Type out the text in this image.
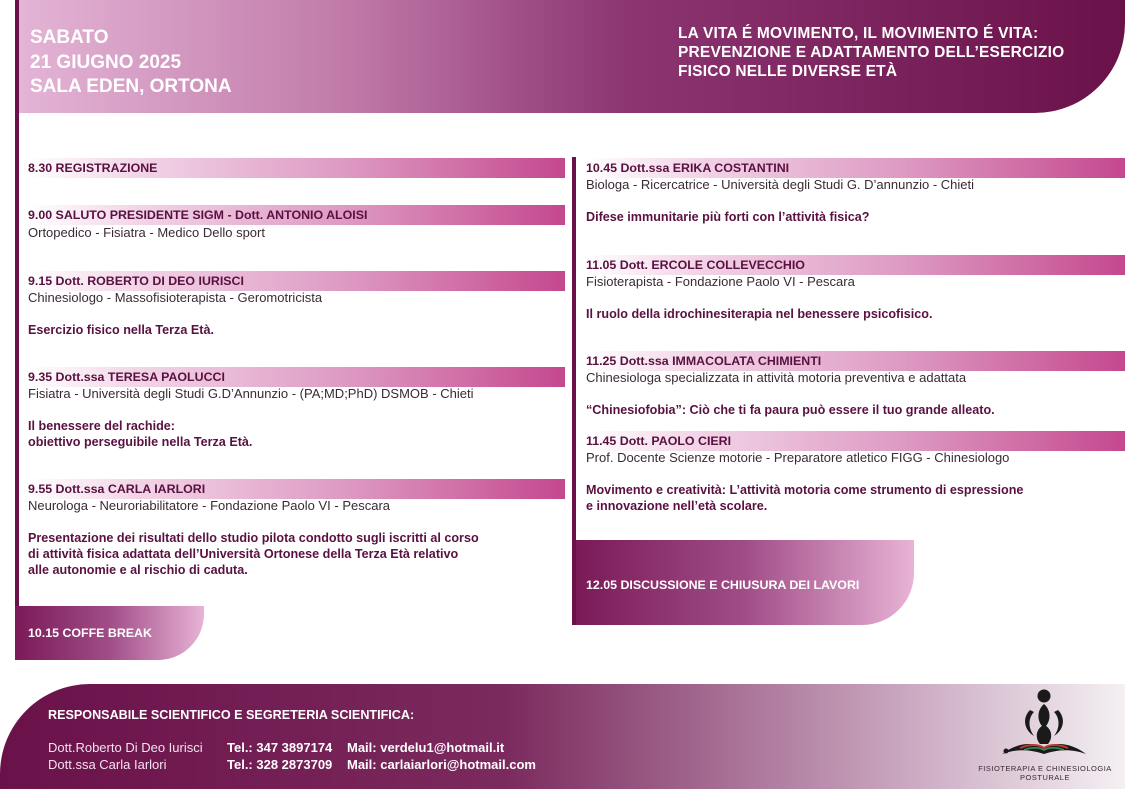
SABATO
21 GIUGNO 2025
SALA EDEN, ORTONA
LA VITA É MOVIMENTO, IL MOVIMENTO É VITA:
PREVENZIONE E ADATTAMENTO DELL’ESERCIZIO
FISICO NELLE DIVERSE ETÀ
8.30 REGISTRAZIONE
9.00 SALUTO PRESIDENTE SIGM - Dott. ANTONIO ALOISI
Ortopedico - Fisiatra - Medico Dello sport
9.15 Dott. ROBERTO DI DEO IURISCI
Chinesiologo - Massofisioterapista - Geromotricista
Esercizio fisico nella Terza Età.
9.35 Dott.ssa TERESA PAOLUCCI
Fisiatra - Università degli Studi G.D’Annunzio - (PA;MD;PhD) DSMOB - Chieti
Il benessere del rachide:
obiettivo perseguibile nella Terza Età.
9.55 Dott.ssa CARLA IARLORI
Neurologa - Neuroriabilitatore - Fondazione Paolo VI - Pescara
Presentazione dei risultati dello studio pilota condotto sugli iscritti al corso
di attività fisica adattata dell’Università Ortonese della Terza Età relativo
alle autonomie e al rischio di caduta.
10.15 COFFE BREAK
10.45 Dott.ssa ERIKA COSTANTINI
Biologa - Ricercatrice - Università degli Studi G. D’annunzio - Chieti
Difese immunitarie più forti con l’attività fisica?
11.05 Dott. ERCOLE COLLEVECCHIO
Fisioterapista - Fondazione Paolo VI - Pescara
Il ruolo della idrochinesiterapia nel benessere psicofisico.
11.25 Dott.ssa IMMACOLATA CHIMIENTI
Chinesiologa specializzata in attività motoria preventiva e adattata
“Chinesiofobia”: Ciò che ti fa paura può essere il tuo grande alleato.
11.45 Dott. PAOLO CIERI
Prof. Docente Scienze motorie - Preparatore atletico FIGG - Chinesiologo
Movimento e creatività: L’attività motoria come strumento di espressione
e innovazione nell’età scolare.
12.05 DISCUSSIONE E CHIUSURA DEI LAVORI
RESPONSABILE SCIENTIFICO E SEGRETERIA SCIENTIFICA:
Dott.Roberto Di Deo Iurisci Tel.: 347 3897174 Mail: verdelu1@hotmail.it
Dott.ssa Carla Iarlori	Tel.: 328 2873709 Mail: carlaiarlori@hotmail.com	FISIOTERAPIA E CHINESIOLOGIA
POSTURALE
